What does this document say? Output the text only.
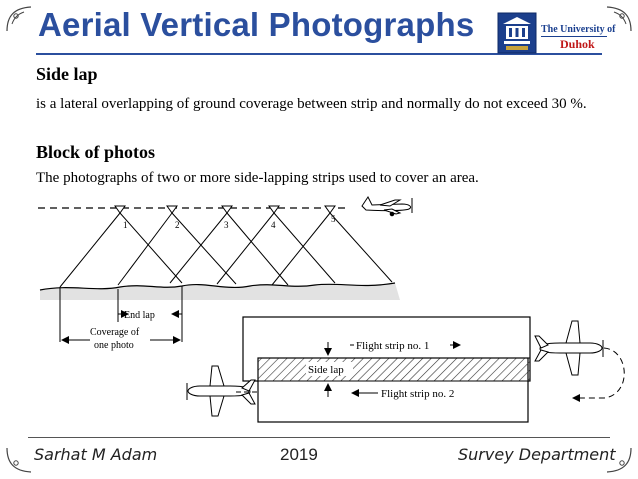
Aerial Vertical Photographs	The University of
Duhok
Side lap
is a lateral overlapping of ground coverage between strip and normally do not exceed 30 %.
Block of photos
The photographs of two or more side-lapping strips used to cover an area.
1	2	3	4
5
End lap
Coverage of
one photo
Side lap
Flight strip no. 1
Flight strip no. 2
Sarhat M Adam	2019	Survey Department
